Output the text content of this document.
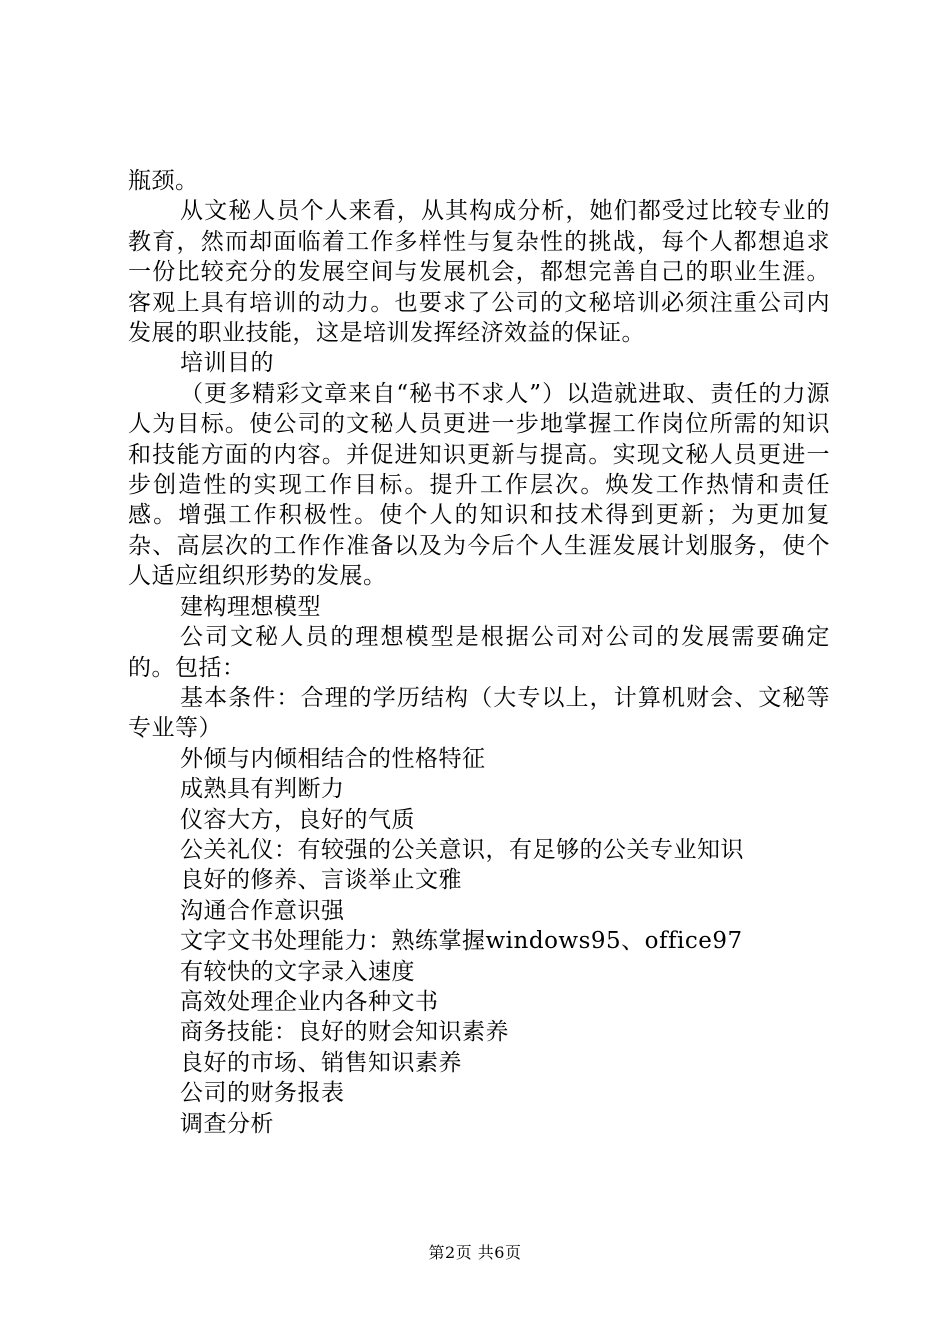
瓶颈。

从文秘人员个人来看，从其构成分析，她们都受过比较专业的教育，然而却面临着工作多样性与复杂性的挑战，每个人都想追求一份比较充分的发展空间与发展机会，都想完善自己的职业生涯。客观上具有培训的动力。也要求了公司的文秘培训必须注重公司内发展的职业技能，这是培训发挥经济效益的保证。

培训目的

（更多精彩文章来自“秘书不求人”）以造就进取、责任的力源人为目标。使公司的文秘人员更进一步地掌握工作岗位所需的知识和技能方面的内容。并促进知识更新与提高。实现文秘人员更进一步创造性的实现工作目标。提升工作层次。焕发工作热情和责任感。增强工作积极性。使个人的知识和技术得到更新；为更加复杂、高层次的工作作准备以及为今后个人生涯发展计划服务，使个人适应组织形势的发展。

建构理想模型

公司文秘人员的理想模型是根据公司对公司的发展需要确定的。包括：

基本条件：合理的学历结构（大专以上，计算机财会、文秘等专业等）

外倾与内倾相结合的性格特征

成熟具有判断力

仪容大方，良好的气质

公关礼仪：有较强的公关意识，有足够的公关专业知识

良好的修养、言谈举止文雅

沟通合作意识强

文字文书处理能力：熟练掌握windows95、office97

有较快的文字录入速度

高效处理企业内各种文书

商务技能：良好的财会知识素养

良好的市场、销售知识素养

公司的财务报表

调查分析

第2页 共6页
